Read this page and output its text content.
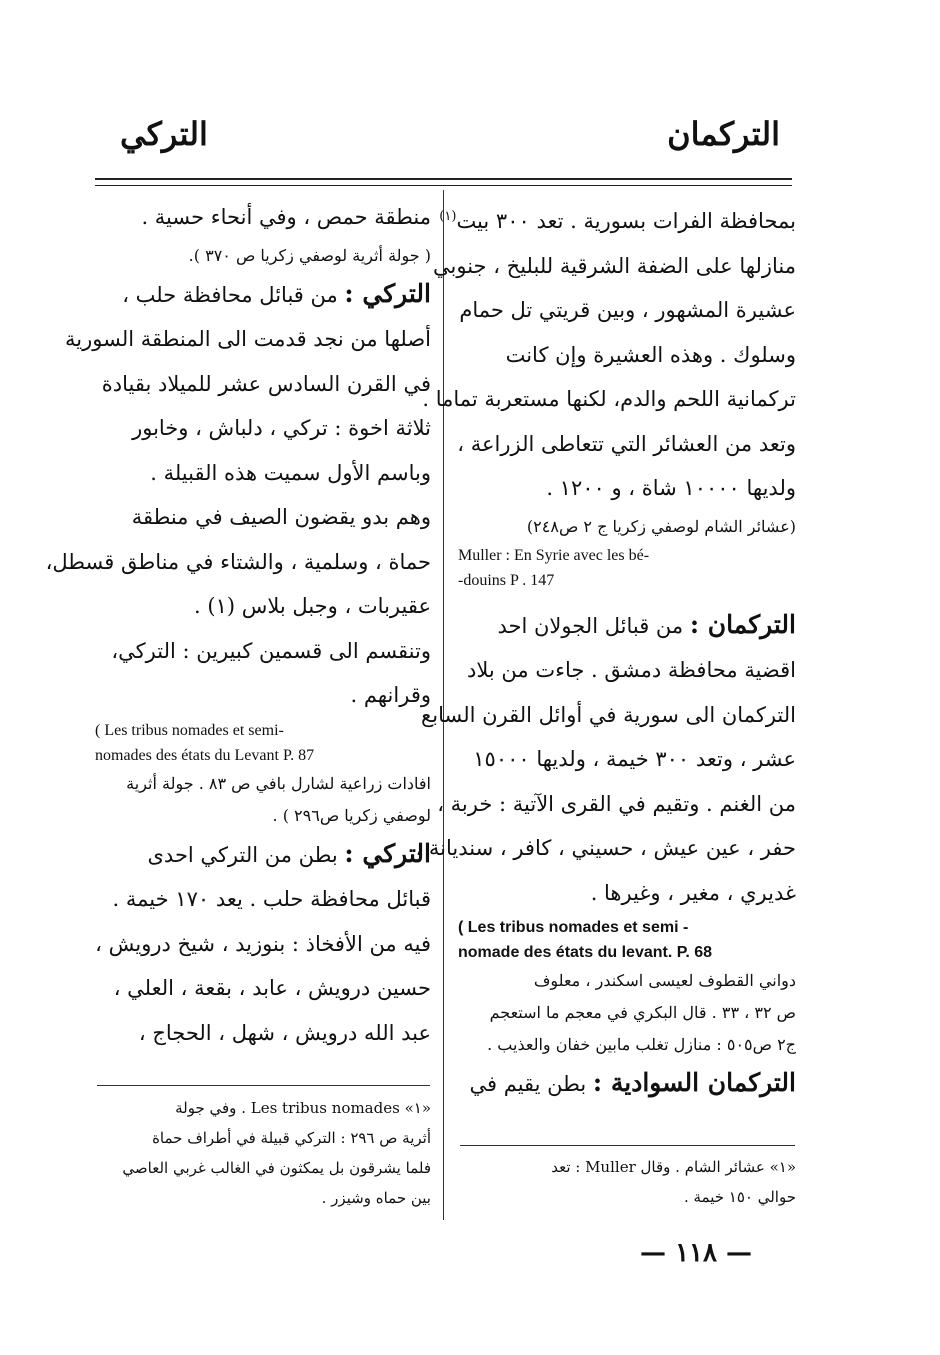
التركمان
التركي
بمحافظة الفرات بسورية . تعد ٣٠٠ بيت$^{(١)}$
منازلها على الضفة الشرقية للبليخ ، جنوبي
عشيرة المشهور ، وبين قريتي تل حمام
وسلوك . وهذه العشيرة وإن كانت
تركمانية اللحم والدم، لكنها مستعربة تماما .
وتعد من العشائر التي تتعاطى الزراعة ،
ولديها ١٠٠٠٠ شاة ، و ١٢٠٠ .
(عشائر الشام لوصفي زكريا ج ٢ ص٢٤٨)
Muller : En Syrie avec les bé-
-douins P . 147
التركمان : من قبائل الجولان احد
اقضية محافظة دمشق . جاءت من بلاد
التركمان الى سورية في أوائل القرن السابع
عشر ، وتعد ٣٠٠ خيمة ، ولديها ١٥٠٠٠
من الغنم . وتقيم في القرى الآتية : خربة ،
حفر ، عين عيش ، حسيني ، كافر ، سنديانة ،
غديري ، مغير ، وغيرها .
( Les tribus nomades et semi -
nomade des états du levant. P. 68
دواني القطوف لعيسى اسكندر ، معلوف
ص ٣٢ ، ٣٣ . قال البكري في معجم ما استعجم
ج٢ ص٥٠٥ : منازل تغلب مابين خفان والعذيب .
التركمان السوادية : بطن يقيم في
منطقة حمص ، وفي أنحاء حسية .
( جولة أثرية لوصفي زكريا ص ٣٧٠ ).
التركي : من قبائل محافظة حلب ،
أصلها من نجد قدمت الى المنطقة السورية
في القرن السادس عشر للميلاد بقيادة
ثلاثة اخوة : تركي ، دلباش ، وخابور
وباسم الأول سميت هذه القبيلة .
وهم بدو يقضون الصيف في منطقة
حماة ، وسلمية ، والشتاء في مناطق قسطل،
عقيربات ، وجبل بلاس (١) .
وتنقسم الى قسمين كبيرين : التركي،
وقرانهم .
( Les tribus nomades et semi-
nomades des états du Levant P. 87
افادات زراعية لشارل بافي ص ٨٣ . جولة أثرية
لوصفي زكريا ص٢٩٦ ) .
التركي : بطن من التركي احدى
قبائل محافظة حلب . يعد ١٧٠ خيمة .
فيه من الأفخاذ : بنوزيد ، شيخ درويش ،
حسين درويش ، عابد ، بقعة ، العلي ،
عبد الله درويش ، شهل ، الحجاج ،
«١» Les tribus nomades . وفي جولة
أثرية ص ٢٩٦ : التركي قبيلة في أطراف حماة
فلما يشرقون بل يمكثون في الغالب غربي العاصي
بين حماه وشيزر .
«١» عشائر الشام . وقال Muller : تعد
حوالي ١٥٠ خيمة .
— ١١٨ —
